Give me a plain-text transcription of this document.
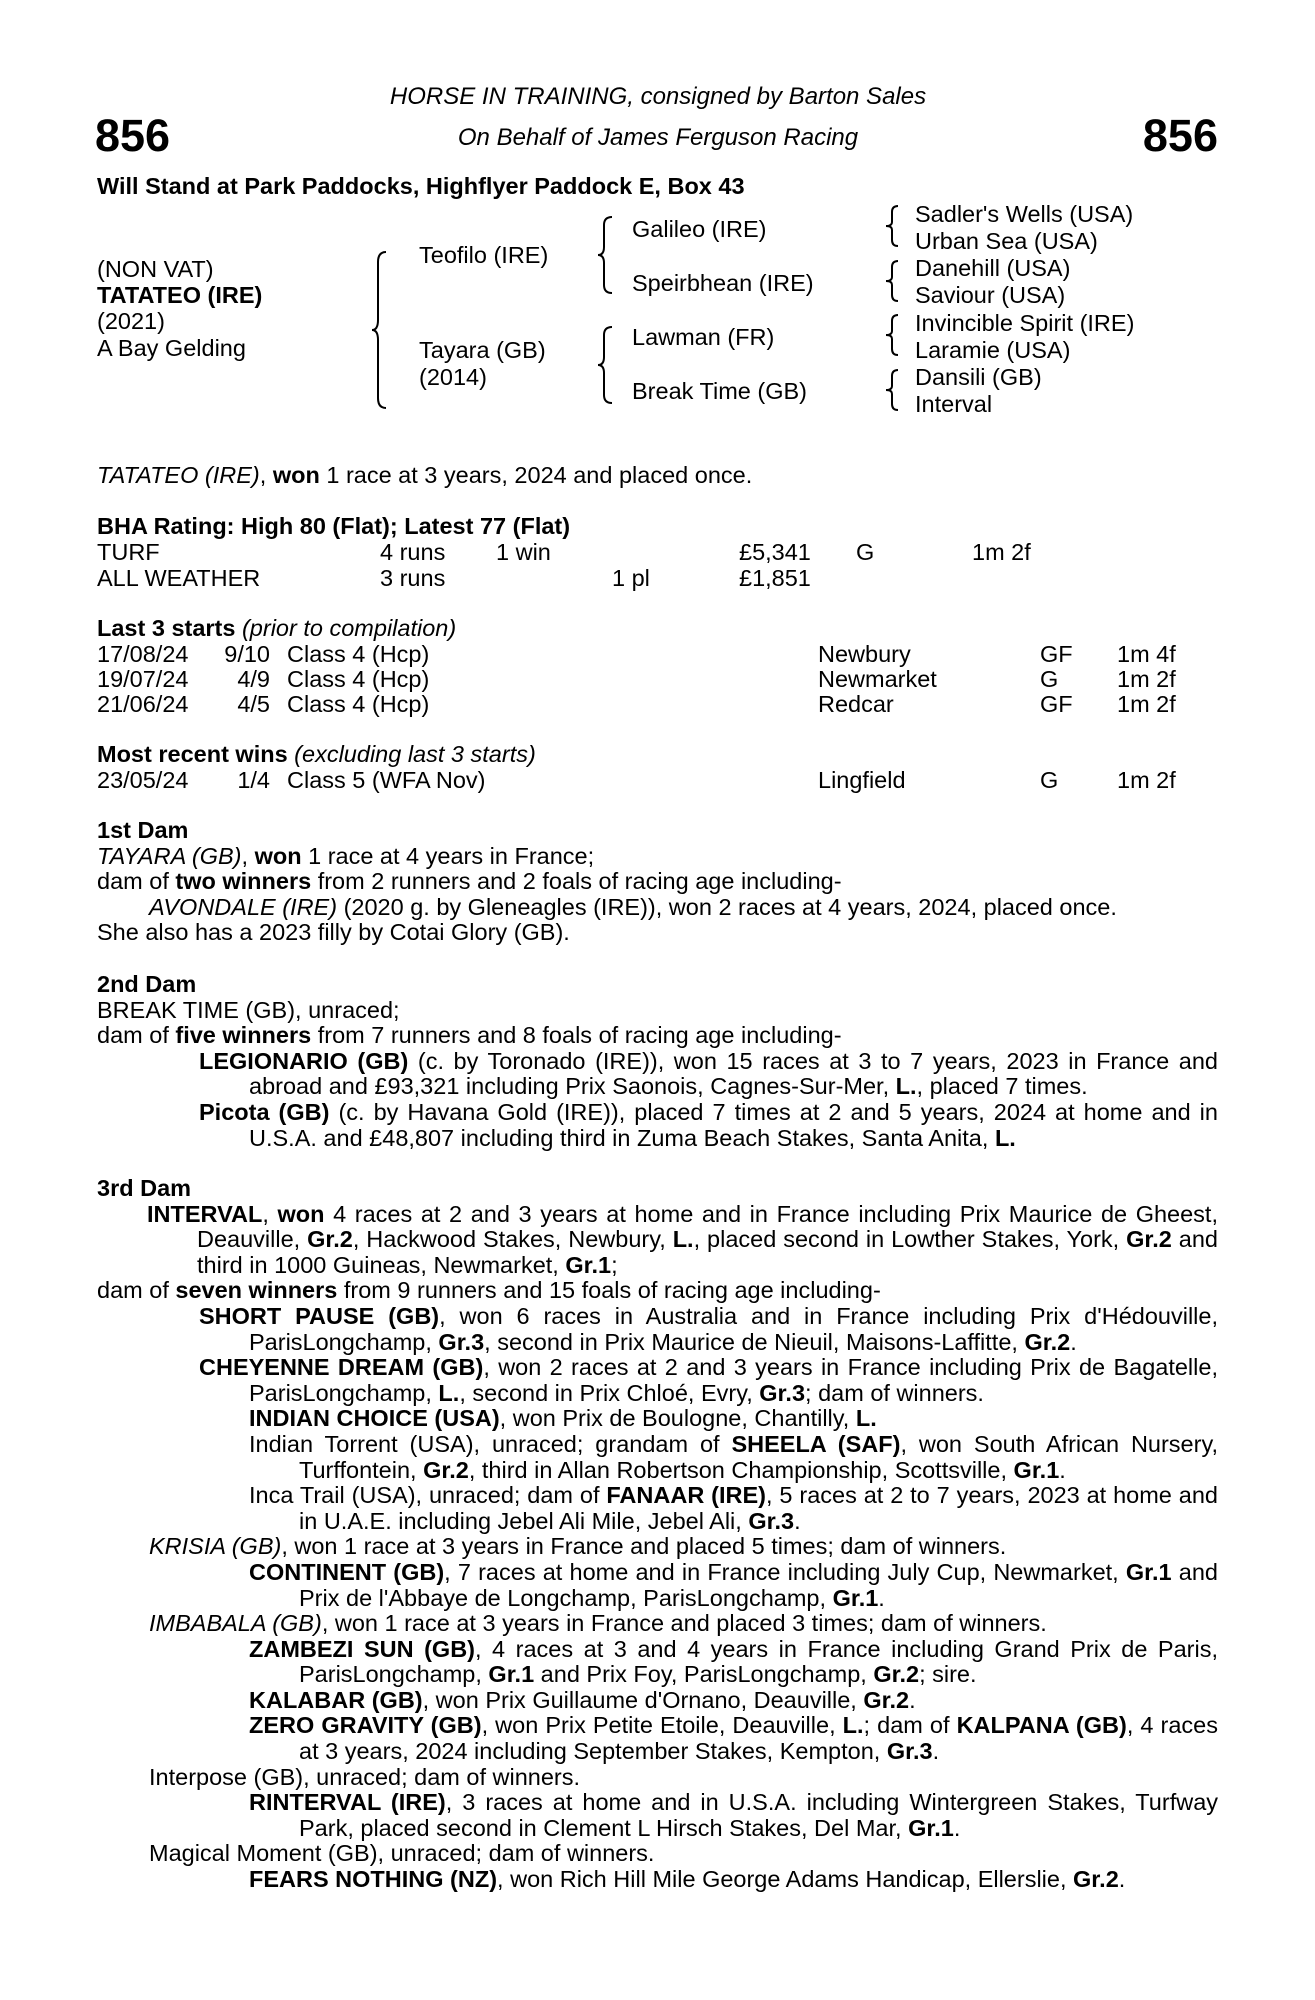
856	856
HORSE IN TRAINING, consigned by Barton Sales
On Behalf of James Ferguson Racing
Will Stand at Park Paddocks, Highflyer Paddock E, Box 43
(NON VAT)
TATATEO (IRE)
(2021)
A Bay Gelding
Teofilo (IRE)
Tayara (GB)
(2014)
Galileo (IRE)
Speirbhean (IRE)
Lawman (FR)
Break Time (GB)
Sadler's Wells (USA)
Urban Sea (USA)
Danehill (USA)
Saviour (USA)
Invincible Spirit (IRE)
Laramie (USA)
Dansili (GB)
Interval
TATATEO (IRE), won 1 race at 3 years, 2024 and placed once.
BHA Rating: High 80 (Flat); Latest 77 (Flat)
TURF	4 runs 1 win	£5,341 G	1m 2f
ALL WEATHER	3 runs	1 pl	£1,851
Last 3 starts (prior to compilation)
17/08/24	9/10 Class 4 (Hcp)	Newbury	GF 1m 4f
19/07/24	4/9 Class 4 (Hcp)	Newmarket	G 1m 2f
21/06/24	4/5 Class 4 (Hcp)	Redcar	GF 1m 2f
Most recent wins (excluding last 3 starts)
23/05/24	1/4 Class 5 (WFA Nov)	Lingfield	G 1m 2f

1st Dam

TAYARA (GB), won 1 race at 4 years in France;

dam of two winners from 2 runners and 2 foals of racing age including-

AVONDALE (IRE) (2020 g. by Gleneagles (IRE)), won 2 races at 4 years, 2024, placed once.

She also has a 2023 filly by Cotai Glory (GB).

2nd Dam

BREAK TIME (GB), unraced;

dam of five winners from 7 runners and 8 foals of racing age including-

LEGIONARIO (GB) (c. by Toronado (IRE)), won 15 races at 3 to 7 years, 2023 in France and abroad and £93,321 including Prix Saonois, Cagnes-Sur-Mer, L., placed 7 times.

Picota (GB) (c. by Havana Gold (IRE)), placed 7 times at 2 and 5 years, 2024 at home and in U.S.A. and £48,807 including third in Zuma Beach Stakes, Santa Anita, L.

3rd Dam

INTERVAL, won 4 races at 2 and 3 years at home and in France including Prix Maurice de Gheest, Deauville, Gr.2, Hackwood Stakes, Newbury, L., placed second in Lowther Stakes, York, Gr.2 and third in 1000 Guineas, Newmarket, Gr.1;

dam of seven winners from 9 runners and 15 foals of racing age including-

SHORT PAUSE (GB), won 6 races in Australia and in France including Prix d'Hédouville, ParisLongchamp, Gr.3, second in Prix Maurice de Nieuil, Maisons-Laffitte, Gr.2.

CHEYENNE DREAM (GB), won 2 races at 2 and 3 years in France including Prix de Bagatelle, ParisLongchamp, L., second in Prix Chloé, Evry, Gr.3; dam of winners.

INDIAN CHOICE (USA), won Prix de Boulogne, Chantilly, L.

Indian Torrent (USA), unraced; grandam of SHEELA (SAF), won South African Nursery, Turffontein, Gr.2, third in Allan Robertson Championship, Scottsville, Gr.1.

Inca Trail (USA), unraced; dam of FANAAR (IRE), 5 races at 2 to 7 years, 2023 at home and in U.A.E. including Jebel Ali Mile, Jebel Ali, Gr.3.

KRISIA (GB), won 1 race at 3 years in France and placed 5 times; dam of winners.

CONTINENT (GB), 7 races at home and in France including July Cup, Newmarket, Gr.1 and Prix de l'Abbaye de Longchamp, ParisLongchamp, Gr.1.

IMBABALA (GB), won 1 race at 3 years in France and placed 3 times; dam of winners.

ZAMBEZI SUN (GB), 4 races at 3 and 4 years in France including Grand Prix de Paris, ParisLongchamp, Gr.1 and Prix Foy, ParisLongchamp, Gr.2; sire.

KALABAR (GB), won Prix Guillaume d'Ornano, Deauville, Gr.2.

ZERO GRAVITY (GB), won Prix Petite Etoile, Deauville, L.; dam of KALPANA (GB), 4 races at 3 years, 2024 including September Stakes, Kempton, Gr.3.

Interpose (GB), unraced; dam of winners.

RINTERVAL (IRE), 3 races at home and in U.S.A. including Wintergreen Stakes, Turfway Park, placed second in Clement L Hirsch Stakes, Del Mar, Gr.1.

Magical Moment (GB), unraced; dam of winners.

FEARS NOTHING (NZ), won Rich Hill Mile George Adams Handicap, Ellerslie, Gr.2.
